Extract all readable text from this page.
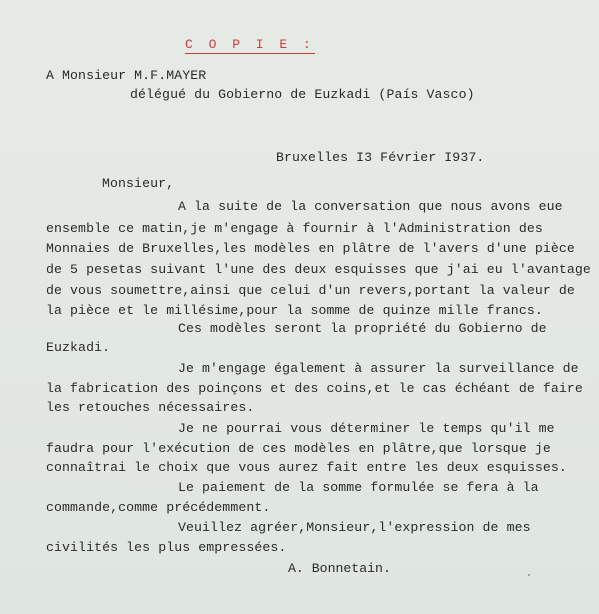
C O P I E :
A Monsieur M.F.MAYER
délégué du Gobierno de Euzkadi (País Vasco)
Bruxelles I3 Février I937.
Monsieur,
A la suite de la conversation que nous avons eue
ensemble ce matin,je m'engage à fournir à l'Administration des
Monnaies de Bruxelles,les modèles en plâtre de l'avers d'une pièce
de 5 pesetas suivant l'une des deux esquisses que j'ai eu l'avantage
de vous soumettre,ainsi que celui d'un revers,portant la valeur de
la pièce et le millésime,pour la somme de quinze mille francs.
Ces modèles seront la propriété du Gobierno de
Euzkadi.
Je m'engage également à assurer la surveillance de
la fabrication des poinçons et des coins,et le cas échéant de faire
les retouches nécessaires.
Je ne pourrai vous déterminer le temps qu'il me
faudra pour l'exécution de ces modèles en plâtre,que lorsque je
connaîtrai le choix que vous aurez fait entre les deux esquisses.
Le paiement de la somme formulée se fera à la
commande,comme précédemment.
Veuillez agréer,Monsieur,l'expression de mes
civilités les plus empressées.
A. Bonnetain.
